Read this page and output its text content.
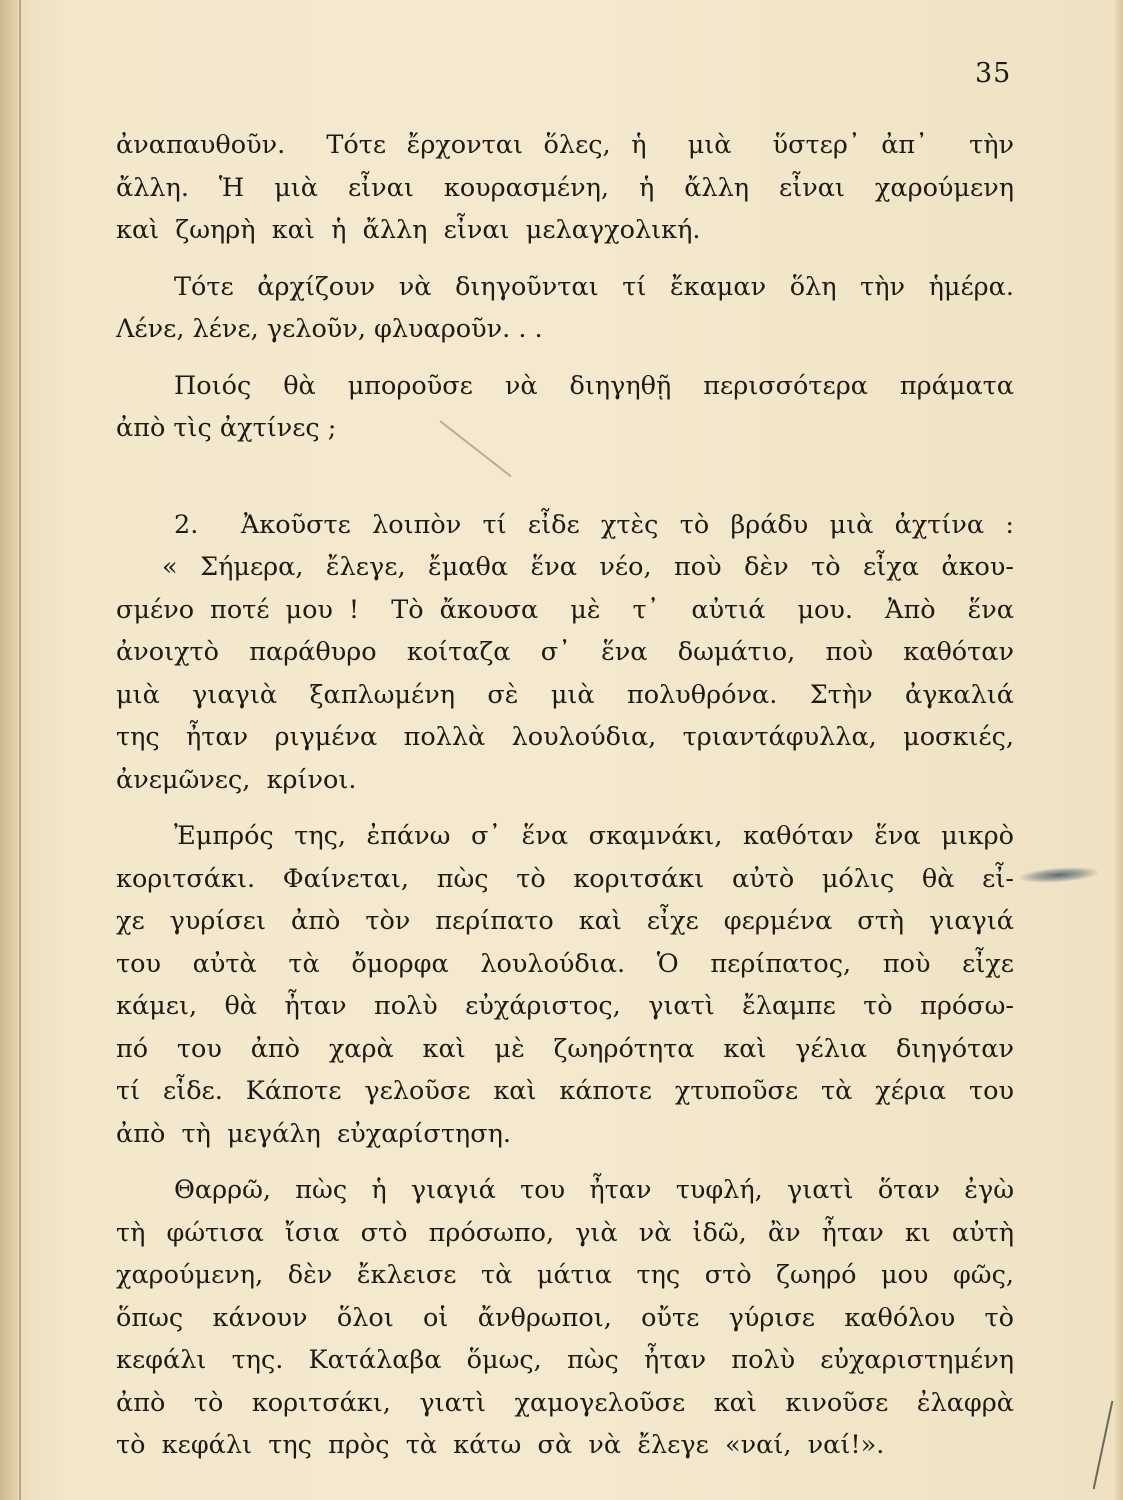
35
ἀναπαυθοῦν.  Τότε ἔρχονται ὅλες, ἡ  μιὰ  ὕστερ᾽ ἀπ᾽  τὴν
ἄλλη.  Ἡ  μιὰ  εἶναι  κουρασμένη,  ἡ  ἄλλη  εἶναι  χαρούμενη
καὶ  ζωηρὴ  καὶ  ἡ  ἄλλη  εἶναι  μελαγχολική.
Τότε ἀρχίζουν νὰ διηγοῦνται τί ἔκαμαν ὅλη τὴν ἡμέρα.
Λένε, λένε, γελοῦν, φλυαροῦν. . .
Ποιός θὰ μποροῦσε νὰ διηγηθῇ περισσότερα πράματα
ἀπὸ τὶς ἀχτίνες ;
2.  Ἀκοῦστε λοιπὸν τί εἶδε χτὲς τὸ βράδυ μιὰ ἀχτίνα :
« Σήμερα, ἔλεγε, ἔμαθα ἕνα νέο, ποὺ δὲν τὸ εἶχα ἀκου-
σμένο ποτέ μου !  Τὸ ἄκουσα  μὲ  τ᾽  αὐτιά  μου.  Ἀπὸ  ἕνα
ἀνοιχτὸ  παράθυρο  κοίταζα  σ᾽  ἕνα  δωμάτιο,  ποὺ  καθόταν
μιὰ  γιαγιὰ  ξαπλωμένη  σὲ  μιὰ  πολυθρόνα.  Στὴν  ἀγκαλιά
της  ἦταν  ριγμένα  πολλὰ  λουλούδια,  τριαντάφυλλα,  μοσκιές,
ἀνεμῶνες,  κρίνοι.
Ἐμπρός της, ἐπάνω σ᾽ ἕνα σκαμνάκι, καθόταν ἕνα μικρὸ
κοριτσάκι.  Φαίνεται,  πὼς  τὸ  κοριτσάκι  αὐτὸ  μόλις  θὰ  εἶ-
χε  γυρίσει  ἀπὸ  τὸν  περίπατο  καὶ  εἶχε  φερμένα  στὴ  γιαγιά
του  αὐτὰ  τὰ  ὄμορφα  λουλούδια.  Ὁ  περίπατος,  ποὺ  εἶχε
κάμει,  θὰ  ἦταν  πολὺ  εὐχάριστος,  γιατὶ  ἔλαμπε  τὸ  πρόσω-
πό  του  ἀπὸ  χαρὰ  καὶ  μὲ  ζωηρότητα  καὶ  γέλια  διηγόταν
τί  εἶδε.  Κάποτε  γελοῦσε  καὶ  κάποτε  χτυποῦσε  τὰ  χέρια  του
ἀπὸ  τὴ  μεγάλη  εὐχαρίστηση.
Θαρρῶ, πὼς ἡ γιαγιά του ἦταν τυφλή, γιατὶ ὅταν ἐγὼ
τὴ  φώτισα  ἴσια  στὸ  πρόσωπο,  γιὰ  νὰ  ἰδῶ,  ἂν  ἦταν  κι  αὐτὴ
χαρούμενη,  δὲν  ἔκλεισε  τὰ  μάτια  της  στὸ  ζωηρό  μου  φῶς,
ὅπως  κάνουν  ὅλοι  οἱ  ἄνθρωποι,  οὔτε  γύρισε  καθόλου  τὸ
κεφάλι  της.  Κατάλαβα  ὅμως,  πὼς  ἦταν  πολὺ  εὐχαριστημένη
ἀπὸ  τὸ  κοριτσάκι,  γιατὶ  χαμογελοῦσε  καὶ  κινοῦσε  ἐλαφρὰ
τὸ  κεφάλι  της  πρὸς  τὰ  κάτω  σὰ  νὰ  ἔλεγε  «ναί,  ναί!».
